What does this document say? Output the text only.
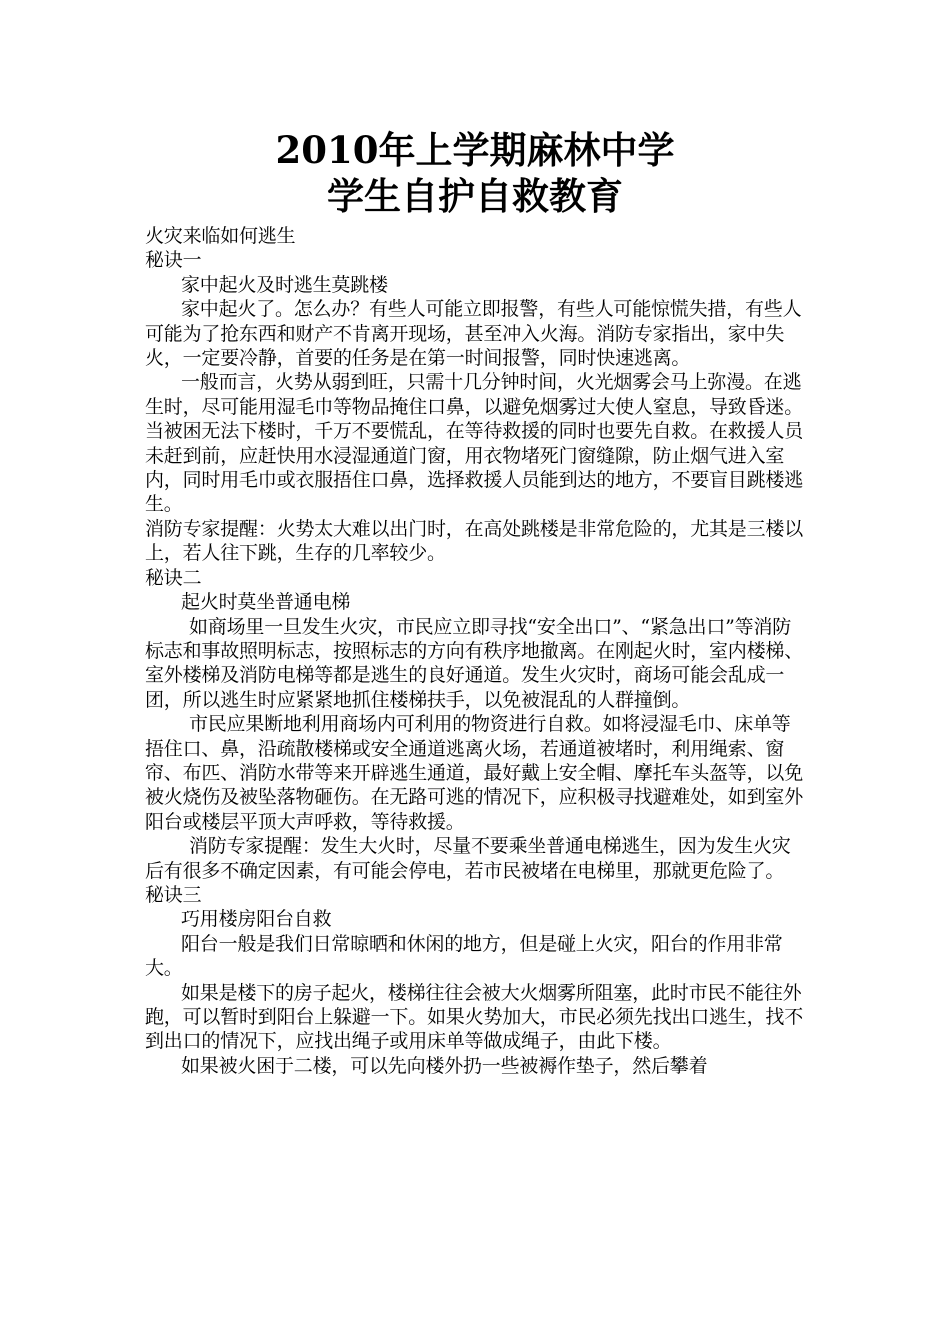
2010年上学期麻林中学
学生自护自救教育

火灾来临如何逃生

秘诀一

家中起火及时逃生莫跳楼

家中起火了。怎么办？有些人可能立即报警，有些人可能惊慌失措，有些人可能为了抢东西和财产不肯离开现场，甚至冲入火海。消防专家指出，家中失火，一定要冷静，首要的任务是在第一时间报警，同时快速逃离。

一般而言，火势从弱到旺，只需十几分钟时间，火光烟雾会马上弥漫。在逃生时，尽可能用湿毛巾等物品掩住口鼻，以避免烟雾过大使人窒息，导致昏迷。

当被困无法下楼时，千万不要慌乱，在等待救援的同时也要先自救。在救援人员未赶到前，应赶快用水浸湿通道门窗，用衣物堵死门窗缝隙，防止烟气进入室内，同时用毛巾或衣服捂住口鼻，选择救援人员能到达的地方，不要盲目跳楼逃生。

消防专家提醒：火势太大难以出门时，在高处跳楼是非常危险的，尤其是三楼以上，若人往下跳，生存的几率较少。

秘诀二

起火时莫坐普通电梯

如商场里一旦发生火灾，市民应立即寻找“安全出口”、“紧急出口”等消防标志和事故照明标志，按照标志的方向有秩序地撤离。在刚起火时，室内楼梯、室外楼梯及消防电梯等都是逃生的良好通道。发生火灾时，商场可能会乱成一团，所以逃生时应紧紧地抓住楼梯扶手，以免被混乱的人群撞倒。

市民应果断地利用商场内可利用的物资进行自救。如将浸湿毛巾、床单等捂住口、鼻，沿疏散楼梯或安全通道逃离火场，若通道被堵时，利用绳索、窗帘、布匹、消防水带等来开辟逃生通道，最好戴上安全帽、摩托车头盔等，以免被火烧伤及被坠落物砸伤。在无路可逃的情况下，应积极寻找避难处，如到室外阳台或楼层平顶大声呼救，等待救援。

消防专家提醒：发生大火时，尽量不要乘坐普通电梯逃生，因为发生火灾后有很多不确定因素，有可能会停电，若市民被堵在电梯里，那就更危险了。

秘诀三

巧用楼房阳台自救

阳台一般是我们日常晾晒和休闲的地方，但是碰上火灾，阳台的作用非常大。

如果是楼下的房子起火，楼梯往往会被大火烟雾所阻塞，此时市民不能往外跑，可以暂时到阳台上躲避一下。如果火势加大，市民必须先找出口逃生，找不到出口的情况下，应找出绳子或用床单等做成绳子，由此下楼。

如果被火困于二楼，可以先向楼外扔一些被褥作垫子，然后攀着
